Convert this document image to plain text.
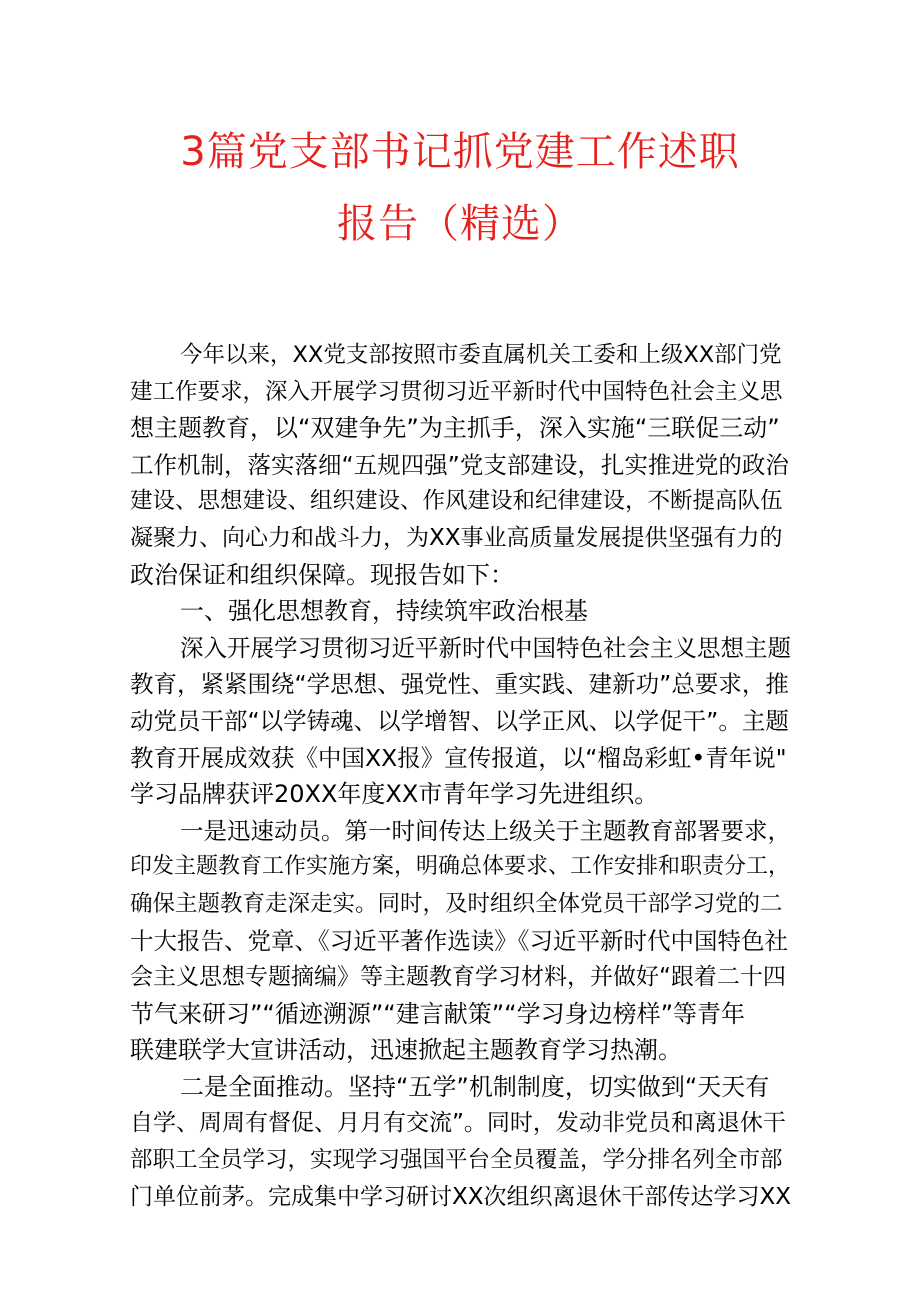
3篇党支部书记抓党建工作述职
报告（精选）
今年以来，XX党支部按照市委直属机关工委和上级XX部门党
建工作要求，深入开展学习贯彻习近平新时代中国特色社会主义思
想主题教育，以“双建争先”为主抓手，深入实施“三联促三动”
工作机制，落实落细“五规四强”党支部建设，扎实推进党的政治
建设、思想建设、组织建设、作风建设和纪律建设，不断提高队伍
凝聚力、向心力和战斗力，为XX事业高质量发展提供坚强有力的
政治保证和组织保障。现报告如下：
一、强化思想教育，持续筑牢政治根基
深入开展学习贯彻习近平新时代中国特色社会主义思想主题
教育，紧紧围绕“学思想、强党性、重实践、建新功”总要求，推
动党员干部“以学铸魂、以学增智、以学正风、以学促干”。主题
教育开展成效获《中国XX报》宣传报道，以“榴岛彩虹•青年说"
学习品牌获评20XX年度XX市青年学习先进组织。
一是迅速动员。第一时间传达上级关于主题教育部署要求，
印发主题教育工作实施方案，明确总体要求、工作安排和职责分工，
确保主题教育走深走实。同时，及时组织全体党员干部学习党的二
十大报告、党章、《习近平著作选读》《习近平新时代中国特色社
会主义思想专题摘编》等主题教育学习材料，并做好“跟着二十四
节气来研习”“循迹溯源”“建言献策”“学习身边榜样”等青年
联建联学大宣讲活动，迅速掀起主题教育学习热潮。
二是全面推动。坚持“五学”机制制度，切实做到“天天有
自学、周周有督促、月月有交流”。同时，发动非党员和离退休干
部职工全员学习，实现学习强国平台全员覆盖，学分排名列全市部
门单位前茅。完成集中学习研讨XX次组织离退休干部传达学习XX
